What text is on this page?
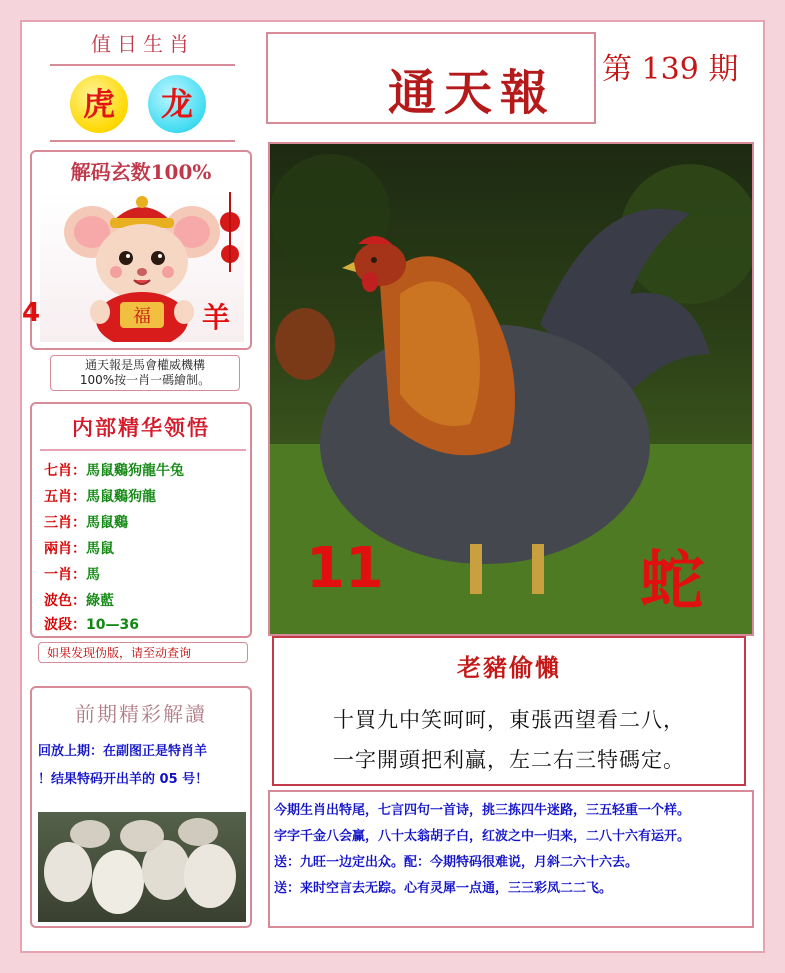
值日生肖
虎	龙
解码玄数100%
福
4	羊
通天報是馬會權威機構
100%按一肖一碼繪制。
内部精华领悟
七肖：馬鼠鷄狗龍牛兔
五肖：馬鼠鷄狗龍
三肖：馬鼠鷄
兩肖：馬鼠
一肖：馬
波色：綠藍
波段：10—36
如果发现伪版，请至动查询
前期精彩解讀
回放上期：在副图正是特肖羊
！结果特码开出羊的 05 号！
通天報 第 139 期
11	蛇
老豬偷懶
十買九中笑呵呵，東張西望看二八，
一字開頭把利贏，左二右三特碼定。
今期生肖出特尾，七言四句一首诗，挑三拣四牛迷路，三五轻重一个样。
字字千金八会赢，八十太翁胡子白，红波之中一归来，二八十六有运开。
送：九旺一边定出众。配：今期特码很难说，月斜二六十六去。
送：来时空言去无踪。心有灵犀一点通，三三彩凤二二飞。
